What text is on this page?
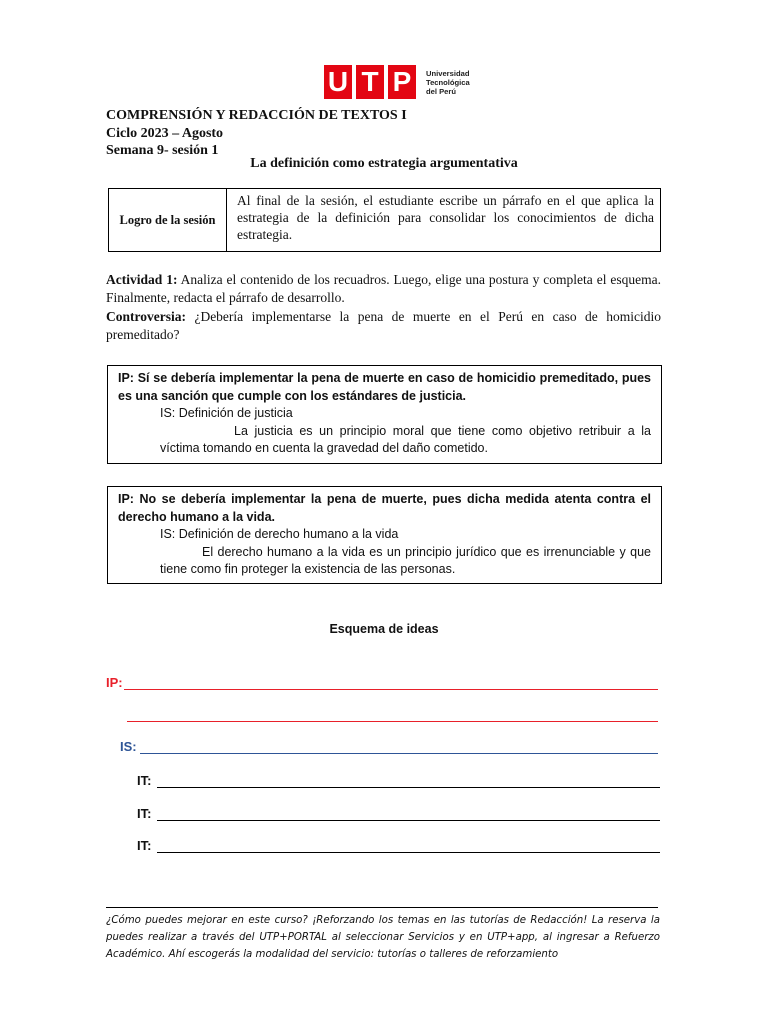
U T P	Universidad
Tecnológica
del Perú
COMPRENSIÓN Y REDACCIÓN DE TEXTOS I
Ciclo 2023 – Agosto
Semana 9- sesión 1
La definición como estrategia argumentativa
Logro de la sesión
Al final de la sesión, el estudiante escribe un párrafo en el que aplica la estrategia de la definición para consolidar los conocimientos de dicha estrategia.
Actividad 1: Analiza el contenido de los recuadros. Luego, elige una postura y completa el esquema. Finalmente, redacta el párrafo de desarrollo.
Controversia: ¿Debería implementarse la pena de muerte en el Perú en caso de homicidio premeditado?
IP: Sí se debería implementar la pena de muerte en caso de homicidio premeditado, pues es una sanción que cumple con los estándares de justicia.
IS: Definición de justicia
La justicia es un principio moral que tiene como objetivo retribuir a la víctima tomando en cuenta la gravedad del daño cometido.
IP: No se debería implementar la pena de muerte, pues dicha medida atenta contra el derecho humano a la vida.
IS: Definición de derecho humano a la vida
El derecho humano a la vida es un principio jurídico que es irrenunciable y que tiene como fin proteger la existencia de las personas.
Esquema de ideas
IP:
IS:
IT:
IT:
IT:
¿Cómo puedes mejorar en este curso? ¡Reforzando los temas en las tutorías de Redacción! La reserva la puedes realizar a través del UTP+PORTAL al seleccionar Servicios y en UTP+app, al ingresar a Refuerzo Académico. Ahí escogerás la modalidad del servicio: tutorías o talleres de reforzamiento
